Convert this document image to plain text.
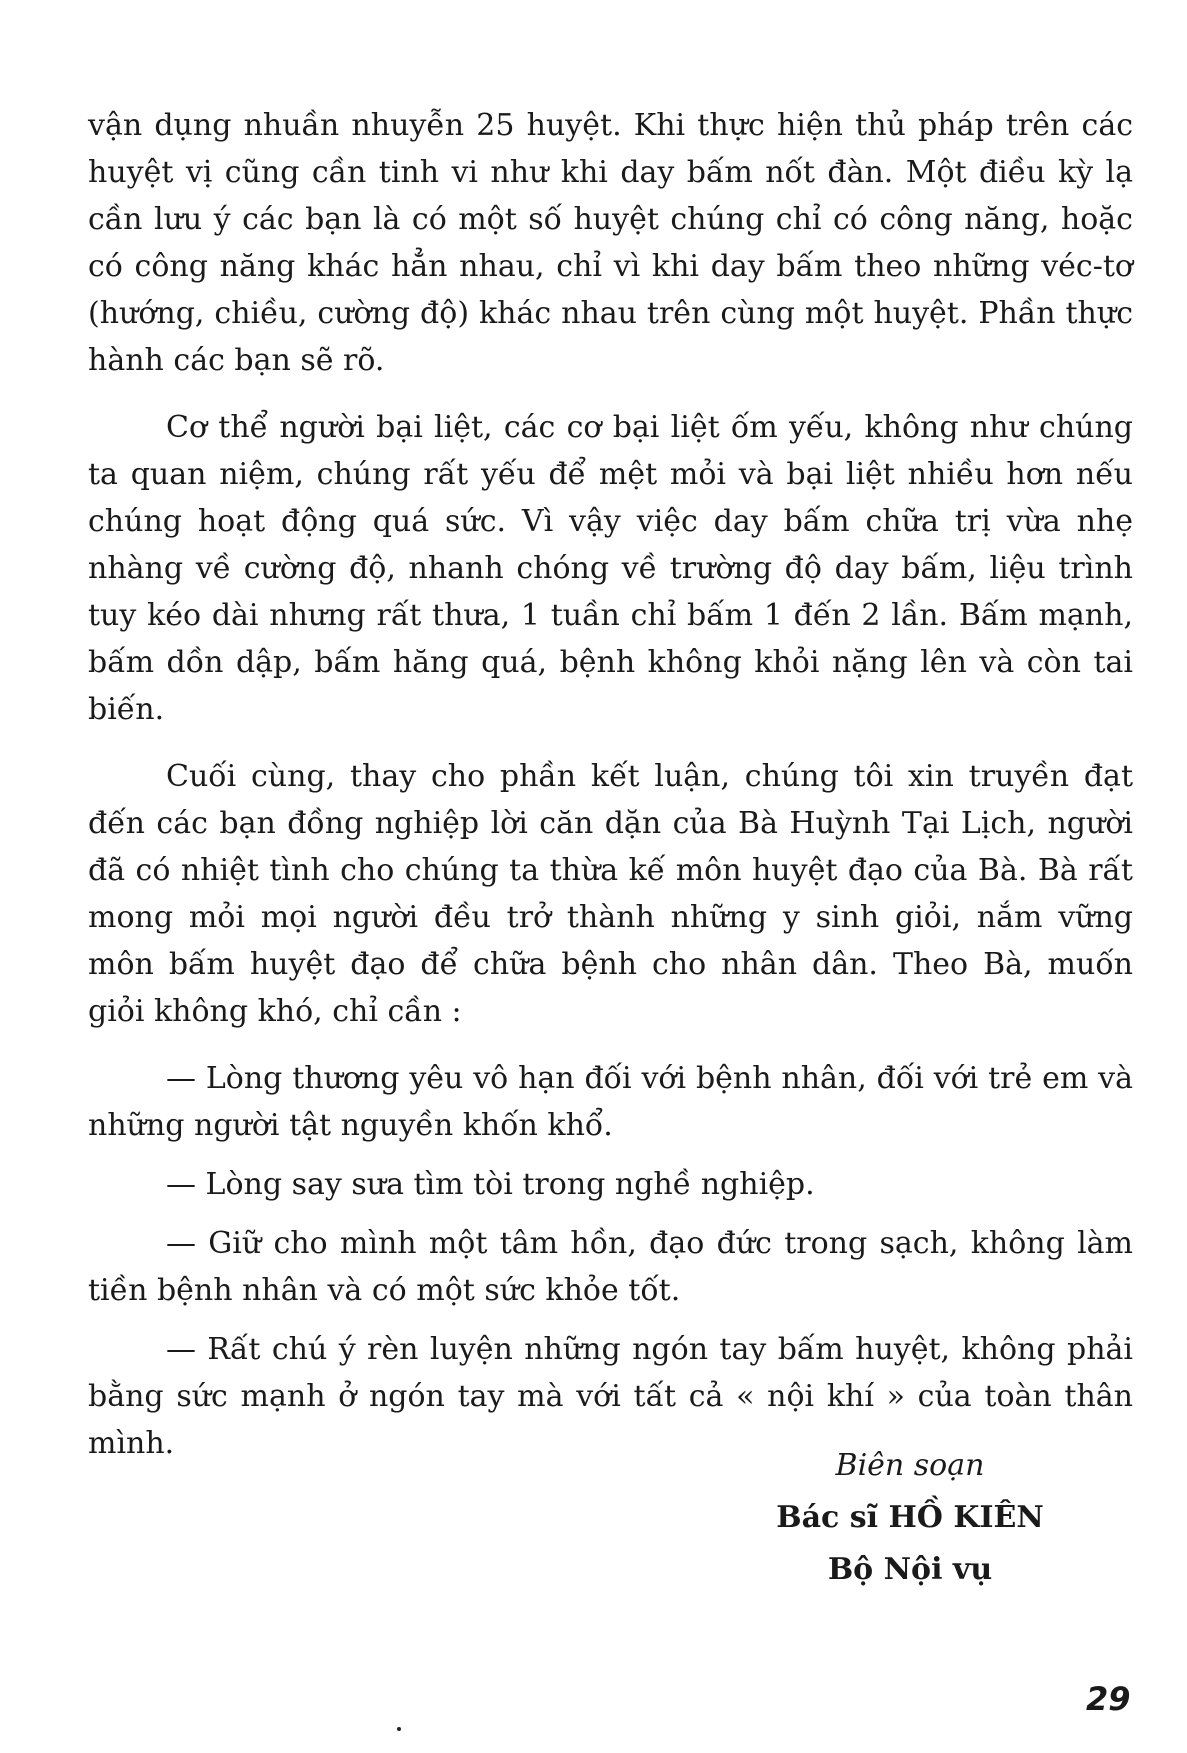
vận dụng nhuần nhuyễn 25 huyệt. Khi thực hiện thủ pháp trên các huyệt vị cũng cần tinh vi như khi day bấm nốt đàn. Một điều kỳ lạ cần lưu ý các bạn là có một số huyệt chúng chỉ có công năng, hoặc có công năng khác hẳn nhau, chỉ vì khi day bấm theo những véc-tơ (hướng, chiều, cường độ) khác nhau trên cùng một huyệt. Phần thực hành các bạn sẽ rõ.

Cơ thể người bại liệt, các cơ bại liệt ốm yếu, không như chúng ta quan niệm, chúng rất yếu để mệt mỏi và bại liệt nhiều hơn nếu chúng hoạt động quá sức. Vì vậy việc day bấm chữa trị vừa nhẹ nhàng về cường độ, nhanh chóng về trường độ day bấm, liệu trình tuy kéo dài nhưng rất thưa, 1 tuần chỉ bấm 1 đến 2 lần. Bấm mạnh, bấm dồn dập, bấm hăng quá, bệnh không khỏi nặng lên và còn tai biến.

Cuối cùng, thay cho phần kết luận, chúng tôi xin truyền đạt đến các bạn đồng nghiệp lời căn dặn của Bà Huỳnh Tại Lịch, người đã có nhiệt tình cho chúng ta thừa kế môn huyệt đạo của Bà. Bà rất mong mỏi mọi người đều trở thành những y sinh giỏi, nắm vững môn bấm huyệt đạo để chữa bệnh cho nhân dân. Theo Bà, muốn giỏi không khó, chỉ cần :

— Lòng thương yêu vô hạn đối với bệnh nhân, đối với trẻ em và những người tật nguyền khốn khổ.

— Lòng say sưa tìm tòi trong nghề nghiệp.

— Giữ cho mình một tâm hồn, đạo đức trong sạch, không làm tiền bệnh nhân và có một sức khỏe tốt.

— Rất chú ý rèn luyện những ngón tay bấm huyệt, không phải bằng sức mạnh ở ngón tay mà với tất cả « nội khí » của toàn thân mình.

Biên soạn
Bác sĩ HỒ KIÊN
Bộ Nội vụ
29
